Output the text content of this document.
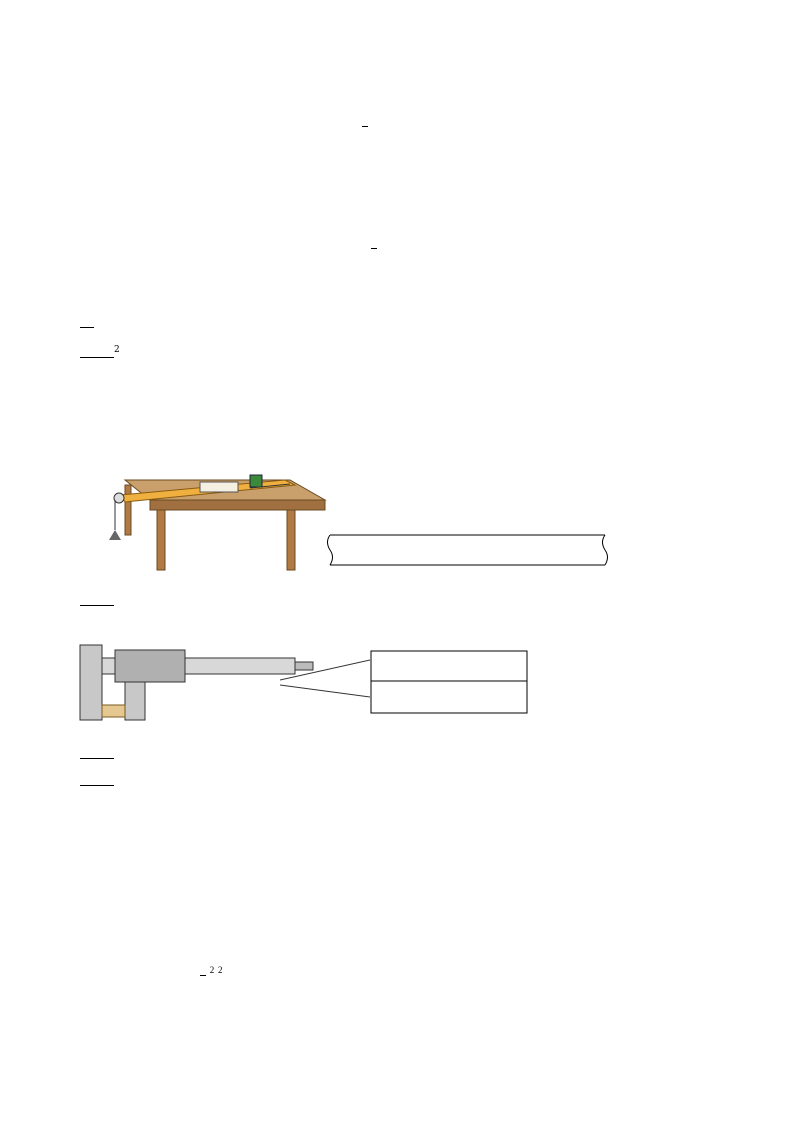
$^2$
$^2$ $^2$
